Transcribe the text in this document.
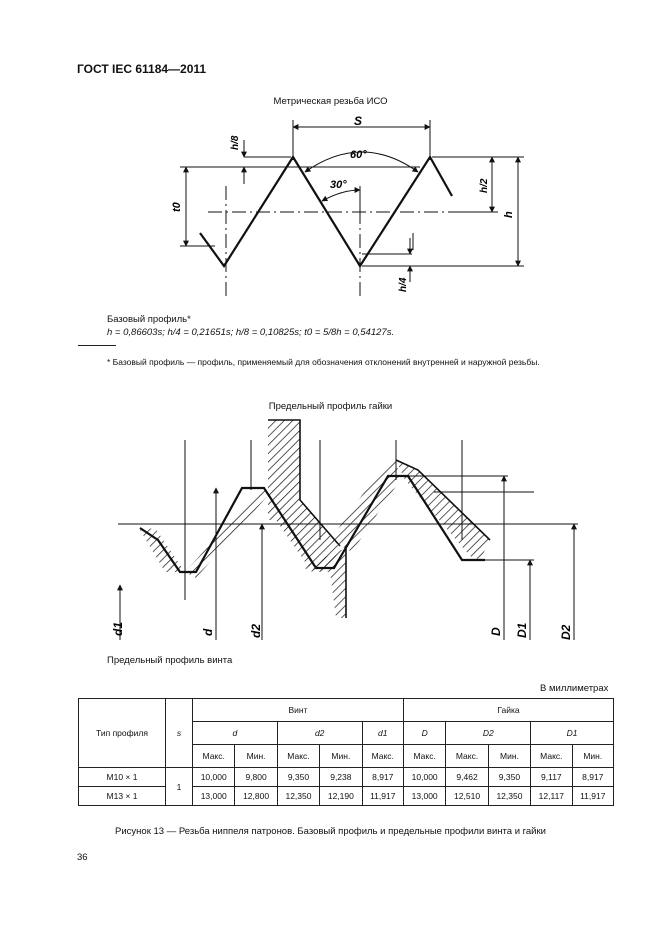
ГОСТ IEC 61184—2011
Метрическая резьба ИСО
S
60°
30°
h/8
t0
h/2
h
h/4
Базовый профиль*
h = 0,86603s; h/4 = 0,21651s; h/8 = 0,10825s; t0 = 5/8h = 0,54127s.
* Базовый профиль — профиль, применяемый для обозначения отклонений внутренней и наружной резьбы.
Предельный профиль гайки
d1	d	d2	D D1	D2
Предельный профиль винта
В миллиметрах
Тип профиля	s	Винт					Гайка				
		d		d2		d1	D	D2		D1	
		Макс.	Мин.	Макс.	Мин.	Макс.	Макс.	Макс.	Мин.	Макс.	Мин.
M10 × 1	1	10,000	9,800	9,350	9,238	8,917	10,000	9,462	9,350	9,117	8,917
M13 × 1		13,000	12,800	12,350	12,190	11,917	13,000	12,510	12,350	12,117	11,917
Рисунок 13 — Резьба ниппеля патронов. Базовый профиль и предельные профили винта и гайки
36
